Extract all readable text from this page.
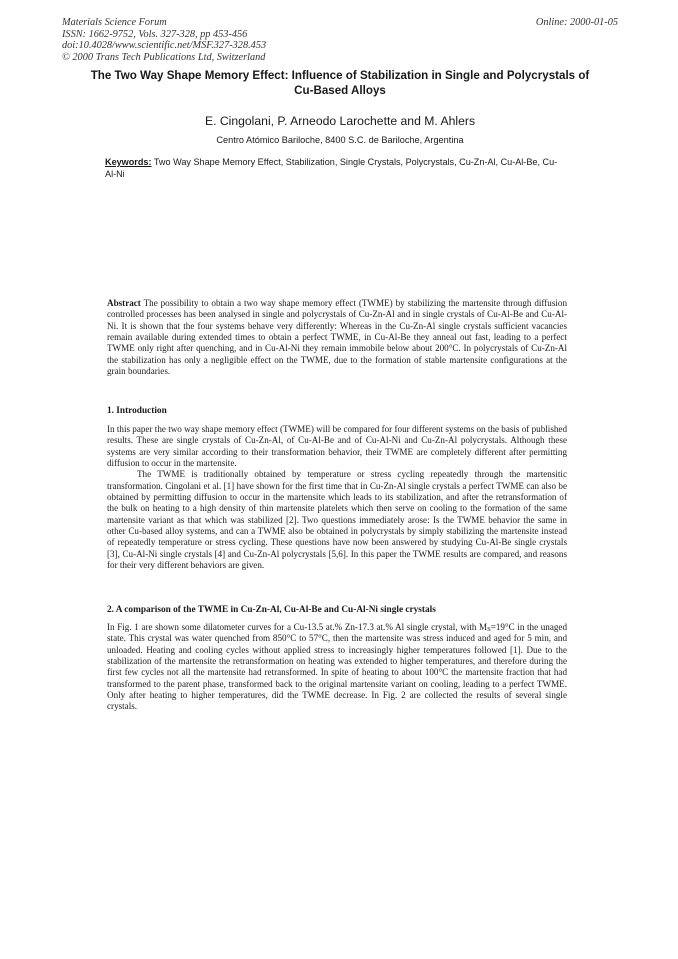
Materials Science Forum
ISSN: 1662-9752, Vols. 327-328, pp 453-456
doi:10.4028/www.scientific.net/MSF.327-328.453
© 2000 Trans Tech Publications Ltd, Switzerland
Online: 2000-01-05
The Two Way Shape Memory Effect: Influence of Stabilization in Single and Polycrystals of Cu-Based Alloys
E. Cingolani, P. Arneodo Larochette and M. Ahlers
Centro Atómico Bariloche, 8400 S.C. de Bariloche, Argentina
Keywords: Two Way Shape Memory Effect, Stabilization, Single Crystals, Polycrystals, Cu-Zn-Al, Cu-Al-Be, Cu-Al-Ni
Abstract The possibility to obtain a two way shape memory effect (TWME) by stabilizing the martensite through diffusion controlled processes has been analysed in single and polycrystals of Cu-Zn-Al and in single crystals of Cu-Al-Be and Cu-Al-Ni. It is shown that the four systems behave very differently: Whereas in the Cu-Zn-Al single crystals sufficient vacancies remain available during extended times to obtain a perfect TWME, in Cu-Al-Be they anneal out fast, leading to a perfect TWME only right after quenching, and in Cu-Al-Ni they remain immobile below about 200°C. In polycrystals of Cu-Zn-Al the stabilization has only a negligible effect on the TWME, due to the formation of stable martensite configurations at the grain boundaries.
1. Introduction

In this paper the two way shape memory effect (TWME) will be compared for four different systems on the basis of published results. These are single crystals of Cu-Zn-Al, of Cu-Al-Be and of Cu-Al-Ni and Cu-Zn-Al polycrystals. Although these systems are very similar according to their transformation behavior, their TWME are completely different after permitting diffusion to occur in the martensite.

The TWME is traditionally obtained by temperature or stress cycling repeatedly through the martensitic transformation. Cingolani et al. [1] have shown for the first time that in Cu-Zn-Al single crystals a perfect TWME can also be obtained by permitting diffusion to occur in the martensite which leads to its stabilization, and after the retransformation of the bulk on heating to a high density of thin martensite platelets which then serve on cooling to the formation of the same martensite variant as that which was stabilized [2]. Two questions immediately arose: Is the TWME behavior the same in other Cu-based alloy systems, and can a TWME also be obtained in polycrystals by simply stabilizing the martensite instead of repeatedly temperature or stress cycling. These questions have now been answered by studying Cu-Al-Be single crystals [3], Cu-Al-Ni single crystals [4] and Cu-Zn-Al polycrystals [5,6]. In this paper the TWME results are compared, and reasons for their very different behaviors are given.

2. A comparison of the TWME in Cu-Zn-Al, Cu-Al-Be and Cu-Al-Ni single crystals
In Fig. 1 are shown some dilatometer curves for a Cu-13.5 at.% Zn-17.3 at.% Al single crystal, with $M_S=19^\circ C$ in the unaged state. This crystal was water quenched from 850°C to 57°C, then the martensite was stress induced and aged for 5 min, and unloaded. Heating and cooling cycles without applied stress to increasingly higher temperatures followed [1]. Due to the stabilization of the martensite the retransformation on heating was extended to higher temperatures, and therefore during the first few cycles not all the martensite had retransformed. In spite of heating to about 100°C the martensite fraction that had transformed to the parent phase, transformed back to the original martensite variant on cooling, leading to a perfect TWME. Only after heating to higher temperatures, did the TWME decrease. In Fig. 2 are collected the results of several single crystals.
